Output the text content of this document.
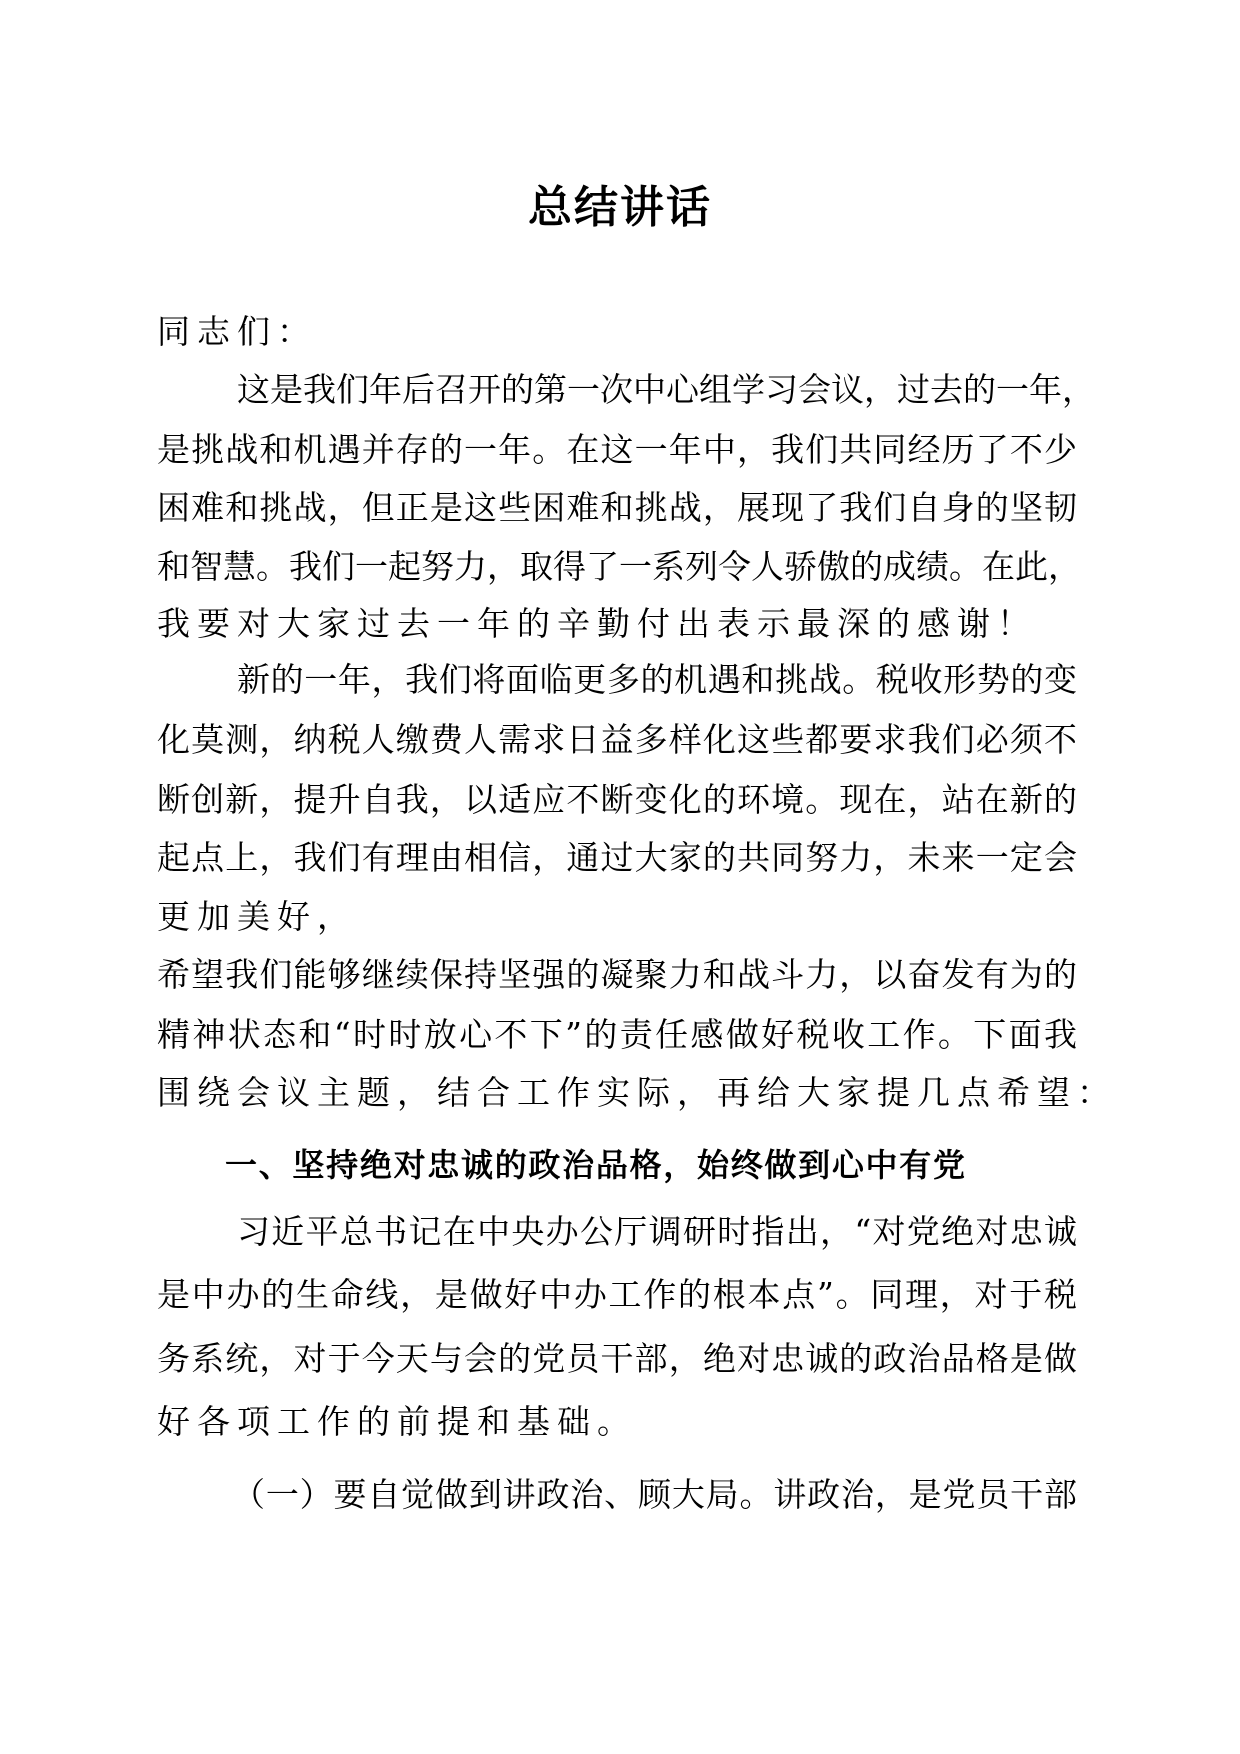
总结讲话
同志们：
这是我们年后召开的第一次中心组学习会议，过去的一年，
是挑战和机遇并存的一年。在这一年中，我们共同经历了不少
困难和挑战，但正是这些困难和挑战，展现了我们自身的坚韧
和智慧。我们一起努力，取得了一系列令人骄傲的成绩。在此，
我要对大家过去一年的辛勤付出表示最深的感谢！
新的一年，我们将面临更多的机遇和挑战。税收形势的变
化莫测，纳税人缴费人需求日益多样化这些都要求我们必须不
断创新，提升自我，以适应不断变化的环境。现在，站在新的
起点上，我们有理由相信，通过大家的共同努力，未来一定会
更加美好，
希望我们能够继续保持坚强的凝聚力和战斗力，以奋发有为的
精神状态和“时时放心不下”的责任感做好税收工作。下面我
围绕会议主题，结合工作实际，再给大家提几点希望：
一、坚持绝对忠诚的政治品格，始终做到心中有党
习近平总书记在中央办公厅调研时指出，“对党绝对忠诚
是中办的生命线，是做好中办工作的根本点”。同理，对于税
务系统，对于今天与会的党员干部，绝对忠诚的政治品格是做
好各项工作的前提和基础。
（一）要自觉做到讲政治、顾大局。讲政治，是党员干部
